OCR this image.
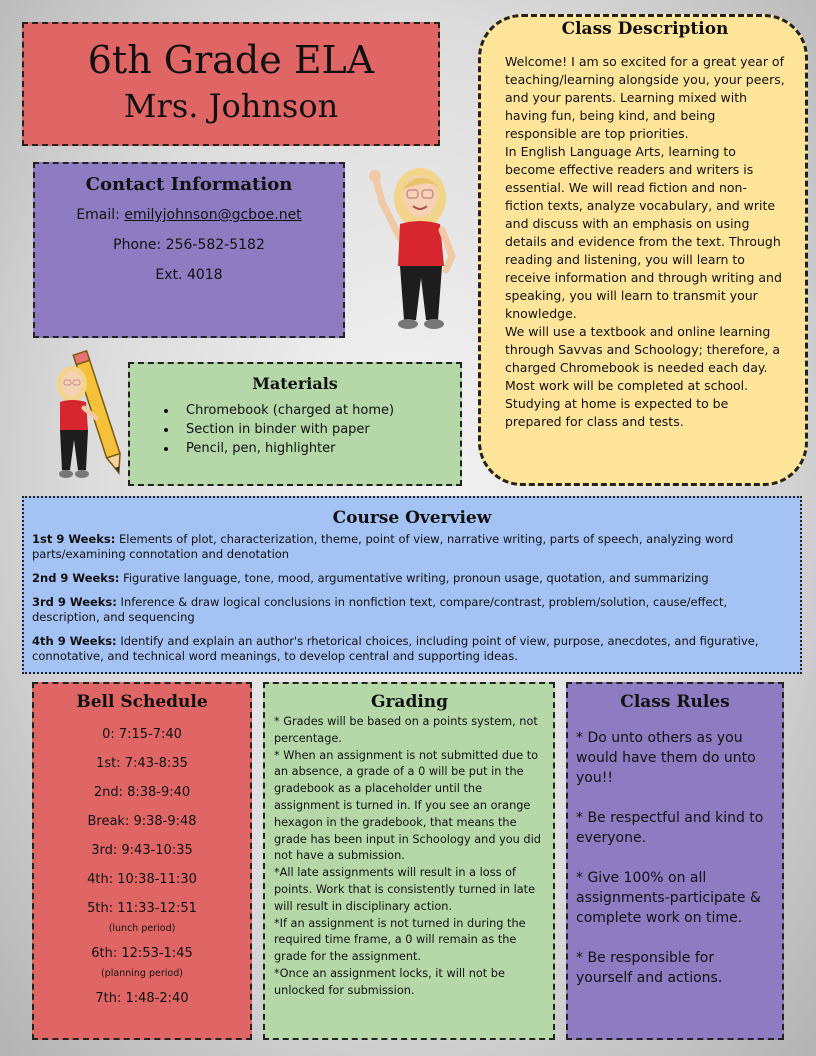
6th Grade ELA
Mrs. Johnson
Contact Information
Email: emilyjohnson@gcboe.net
Phone: 256-582-5182
Ext. 4018
Class Description

Welcome! I am so excited for a great year of teaching/learning alongside you, your peers, and your parents. Learning mixed with having fun, being kind, and being responsible are top priorities.

In English Language Arts, learning to become effective readers and writers is essential. We will read fiction and non-fiction texts, analyze vocabulary, and write and discuss with an emphasis on using details and evidence from the text. Through reading and listening, you will learn to receive information and through writing and speaking, you will learn to transmit your knowledge.

We will use a textbook and online learning through Savvas and Schoology; therefore, a charged Chromebook is needed each day. Most work will be completed at school. Studying at home is expected to be prepared for class and tests.

Materials
• Chromebook (charged at home)
• Section in binder with paper
• Pencil, pen, highlighter
Course Overview
1st 9 Weeks: Elements of plot, characterization, theme, point of view, narrative writing, parts of speech, analyzing word parts/examining connotation and denotation
2nd 9 Weeks: Figurative language, tone, mood, argumentative writing, pronoun usage, quotation, and summarizing
3rd 9 Weeks: Inference & draw logical conclusions in nonfiction text, compare/contrast, problem/solution, cause/effect, description, and sequencing
4th 9 Weeks: Identify and explain an author's rhetorical choices, including point of view, purpose, anecdotes, and figurative, connotative, and technical word meanings, to develop central and supporting ideas.
Bell Schedule
0: 7:15-7:40
1st: 7:43-8:35
2nd: 8:38-9:40
Break: 9:38-9:48
3rd: 9:43-10:35
4th: 10:38-11:30
5th: 11:33-12:51
(lunch period)
6th: 12:53-1:45
(planning period)
7th: 1:48-2:40
Grading

* Grades will be based on a points system, not percentage.

* When an assignment is not submitted due to an absence, a grade of a 0 will be put in the gradebook as a placeholder until the assignment is turned in. If you see an orange hexagon in the gradebook, that means the grade has been input in Schoology and you did not have a submission.

*All late assignments will result in a loss of points. Work that is consistently turned in late will result in disciplinary action.

*If an assignment is not turned in during the required time frame, a 0 will remain as the grade for the assignment.

*Once an assignment locks, it will not be unlocked for submission.

Class Rules

* Do unto others as you would have them do unto you!!

* Be respectful and kind to everyone.

* Give 100% on all assignments-participate & complete work on time.

* Be responsible for yourself and actions.
